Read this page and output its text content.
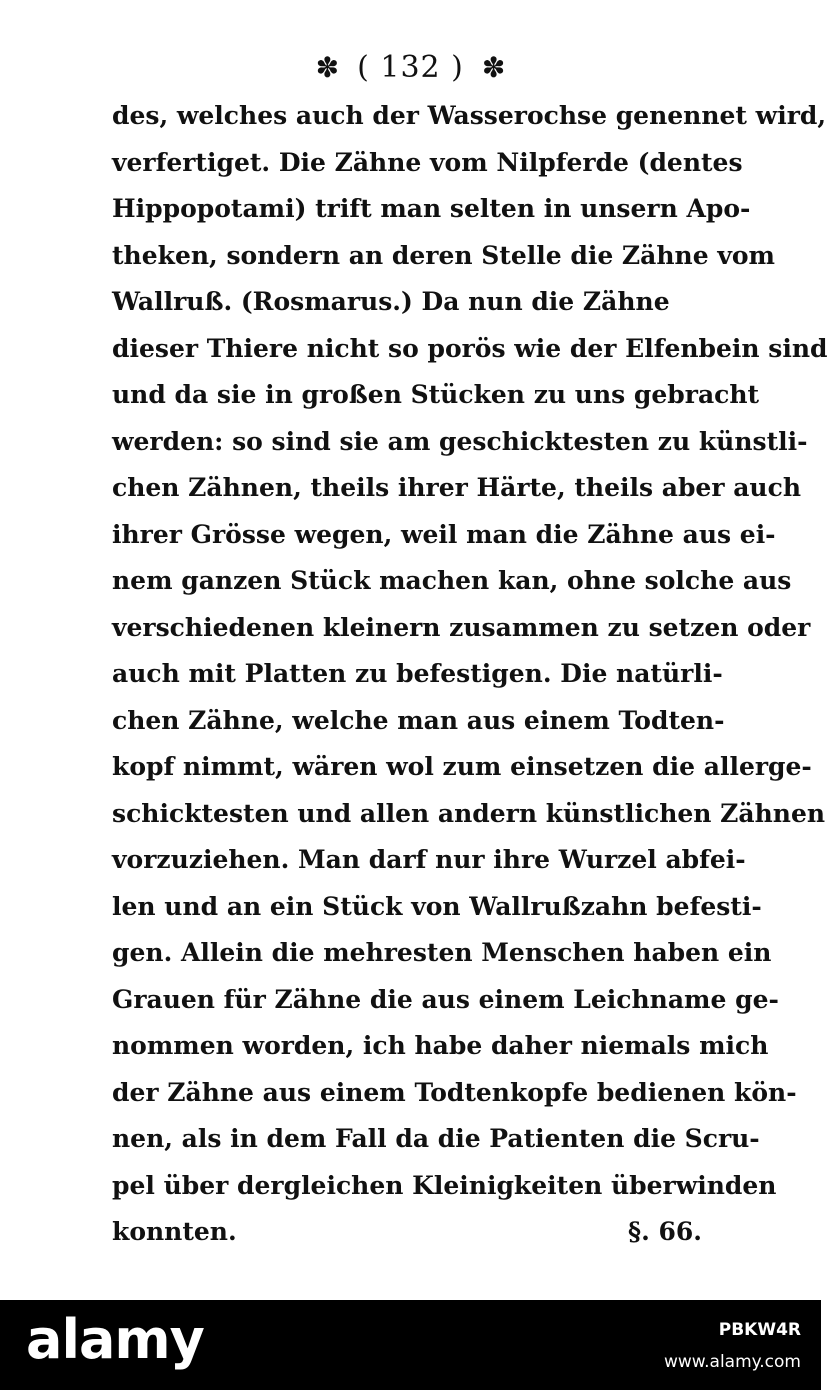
✽ ( 132 ) ✽
des, welches auch der Wasserochse genennet wird,
verfertiget. Die Zähne vom Nilpferde (dentes
Hippopotami) trift man selten in unsern Apo-
theken, sondern an deren Stelle die Zähne vom
Wallruß. (Rosmarus.) Da nun die Zähne
dieser Thiere nicht so porös wie der Elfenbein sind
und da sie in großen Stücken zu uns gebracht
werden: so sind sie am geschicktesten zu künstli-
chen Zähnen, theils ihrer Härte, theils aber auch
ihrer Grösse wegen, weil man die Zähne aus ei-
nem ganzen Stück machen kan, ohne solche aus
verschiedenen kleinern zusammen zu setzen oder
auch mit Platten zu befestigen. Die natürli-
chen Zähne, welche man aus einem Todten-
kopf nimmt, wären wol zum einsetzen die allerge-
schicktesten und allen andern künstlichen Zähnen
vorzuziehen. Man darf nur ihre Wurzel abfei-
len und an ein Stück von Wallrußzahn befesti-
gen. Allein die mehresten Menschen haben ein
Grauen für Zähne die aus einem Leichname ge-
nommen worden, ich habe daher niemals mich
der Zähne aus einem Todtenkopfe bedienen kön-
nen, als in dem Fall da die Patienten die Scru-
pel über dergleichen Kleinigkeiten überwinden
konnten.	§. 66.
alamy	PBKW4R
www.alamy.com
